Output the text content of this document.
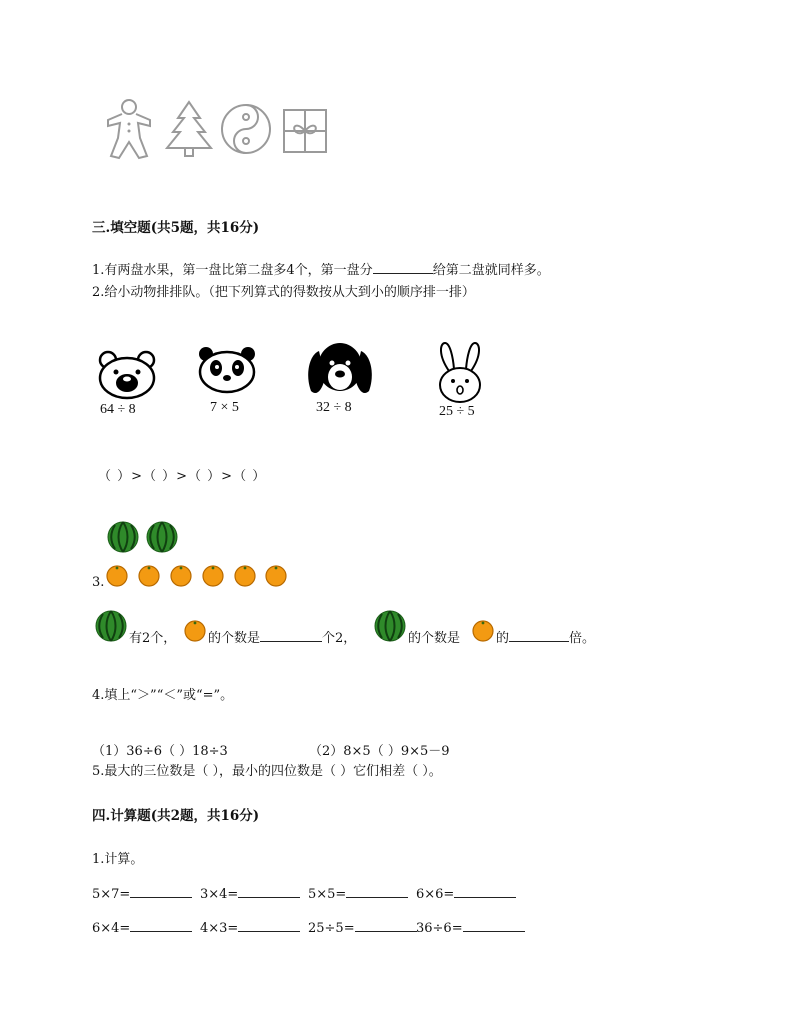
三.填空题(共5题，共16分)
1.有两盘水果，第一盘比第二盘多4个，第一盘分	给第二盘就同样多。
2.给小动物排排队。（把下列算式的得数按从大到小的顺序排一排）
64 ÷ 8	7 × 5	32 ÷ 8	25 ÷ 5
（ ）>（ ）>（ ）>（ ）
3.
有2个， 的个数是	个2，	的个数是	的	倍。
4.填上“＞”“＜”或“=”。
（1）36÷6（ ）18÷3	（2）8×5（ ）9×5－9
5.最大的三位数是（ ），最小的四位数是（ ）它们相差（ ）。
四.计算题(共2题，共16分)
1.计算。
5×7=	3×4=	5×5=	6×6=
6×4=	4×3=	25÷5=	36÷6=
